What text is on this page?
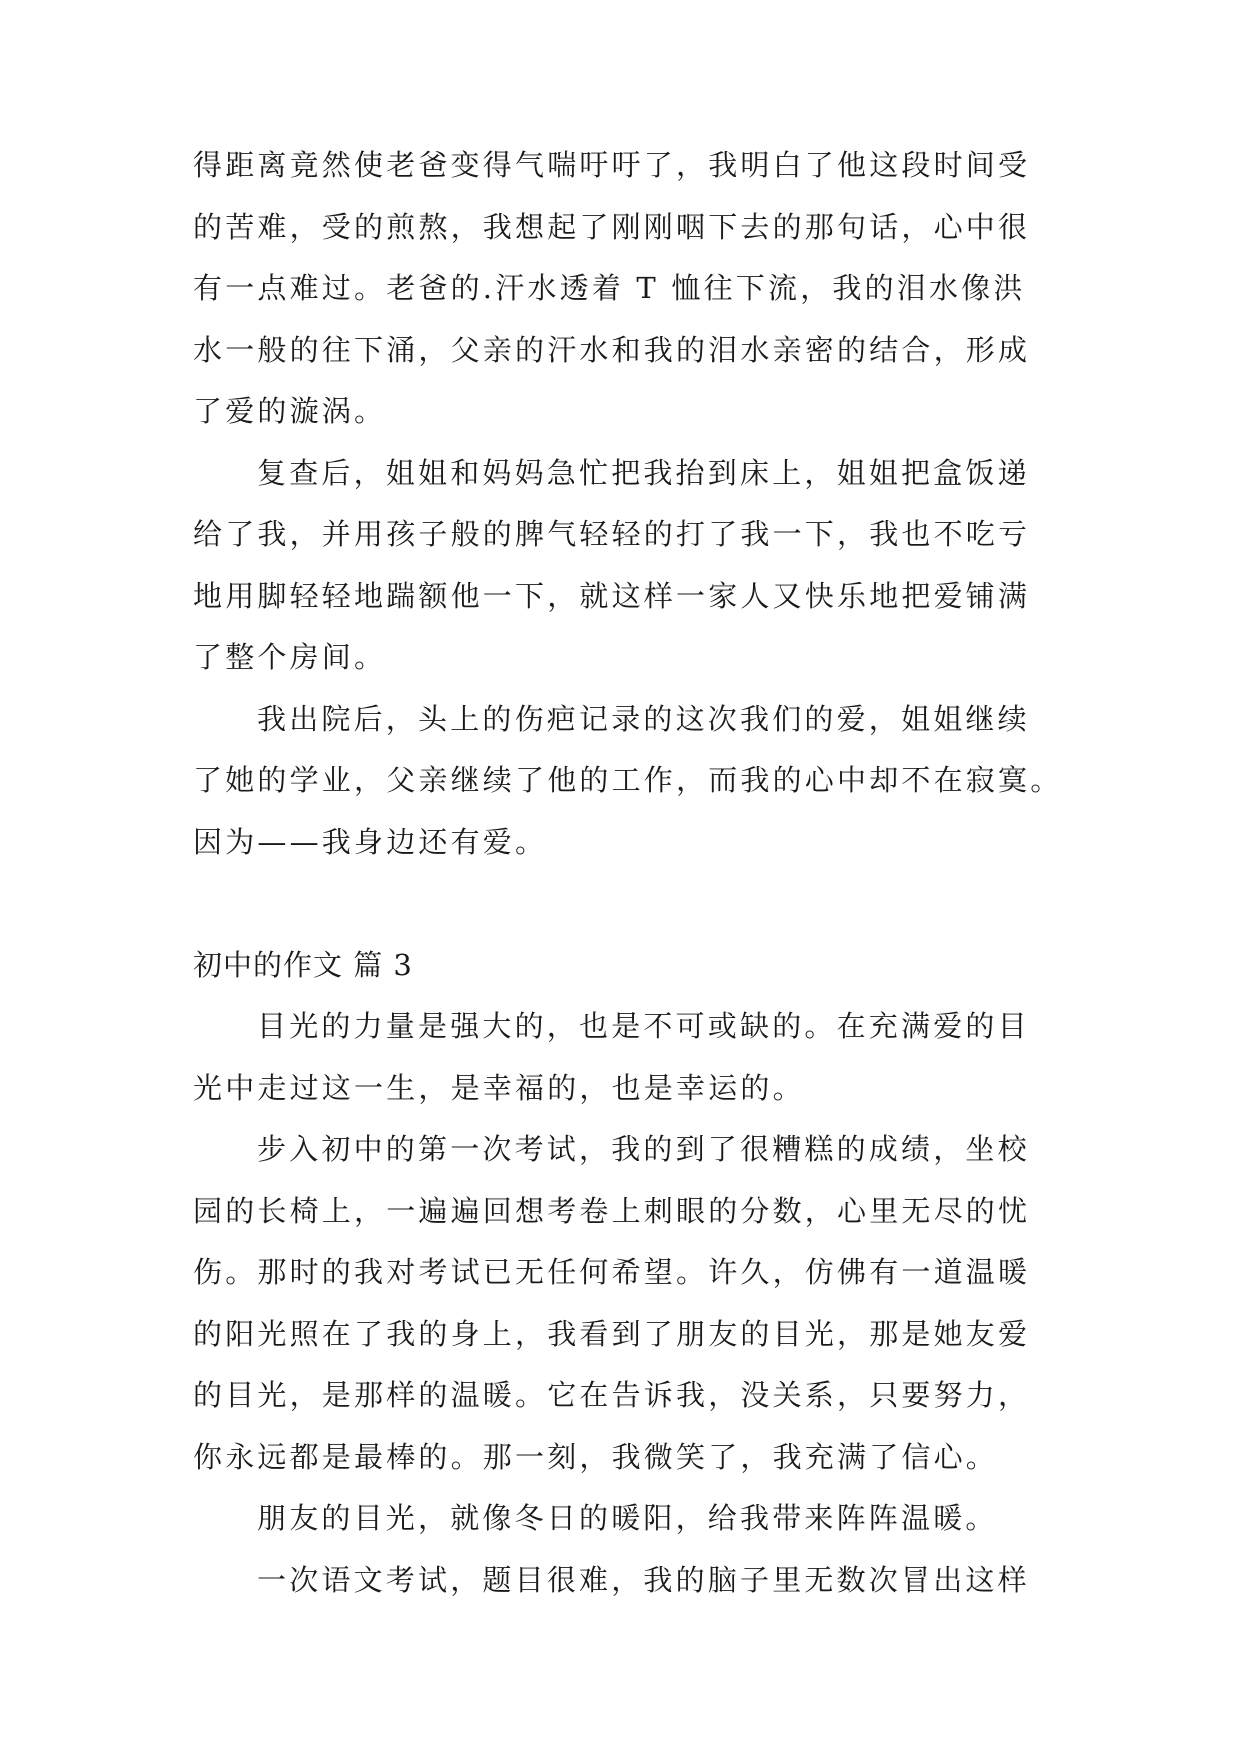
得距离竟然使老爸变得气喘吁吁了，我明白了他这段时间受
的苦难，受的煎熬，我想起了刚刚咽下去的那句话，心中很
有一点难过。老爸的.汗水透着 T 恤往下流，我的泪水像洪
水一般的往下涌，父亲的汗水和我的泪水亲密的结合，形成
了爱的漩涡。
复查后，姐姐和妈妈急忙把我抬到床上，姐姐把盒饭递
给了我，并用孩子般的脾气轻轻的打了我一下，我也不吃亏
地用脚轻轻地踹额他一下，就这样一家人又快乐地把爱铺满
了整个房间。
我出院后，头上的伤疤记录的这次我们的爱，姐姐继续
了她的学业，父亲继续了他的工作，而我的心中却不在寂寞。
因为——我身边还有爱。
初中的作文 篇 3
目光的力量是强大的，也是不可或缺的。在充满爱的目
光中走过这一生，是幸福的，也是幸运的。
步入初中的第一次考试，我的到了很糟糕的成绩，坐校
园的长椅上，一遍遍回想考卷上刺眼的分数，心里无尽的忧
伤。那时的我对考试已无任何希望。许久，仿佛有一道温暖
的阳光照在了我的身上，我看到了朋友的目光，那是她友爱
的目光，是那样的温暖。它在告诉我，没关系，只要努力，
你永远都是最棒的。那一刻，我微笑了，我充满了信心。
朋友的目光，就像冬日的暖阳，给我带来阵阵温暖。
一次语文考试，题目很难，我的脑子里无数次冒出这样
